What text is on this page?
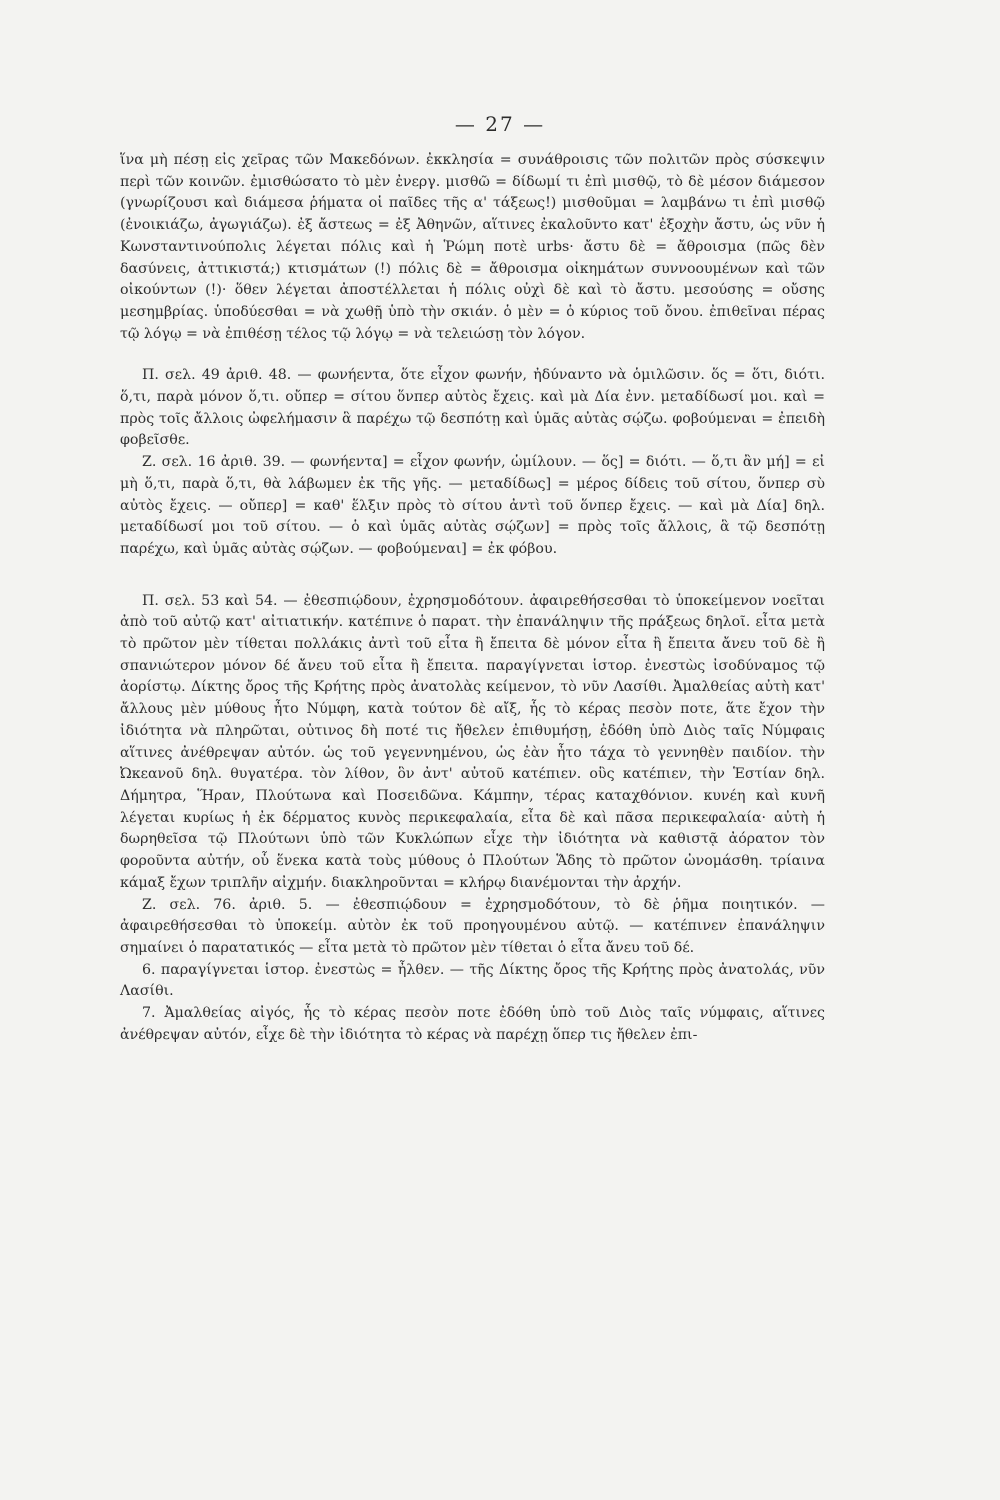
— 27 —

ἵνα μὴ πέσῃ εἰς χεῖρας τῶν Μακεδόνων. ἐκκλησία = συνάθροισις τῶν πολιτῶν πρὸς σύσκεψιν περὶ τῶν κοινῶν. ἐμισθώσατο τὸ μὲν ἐνεργ. μισθῶ = δίδωμί τι ἐπὶ μισθῷ, τὸ δὲ μέσον διάμεσον (γνωρίζουσι καὶ διάμεσα ῥήματα οἱ παῖδες τῆς α' τάξεως!) μισθοῦμαι = λαμβάνω τι ἐπὶ μισθῷ (ἐνοικιάζω, ἀγωγιάζω). ἐξ ἄστεως = ἐξ Ἀθηνῶν, αἵτινες ἐκαλοῦντο κατ' ἐξοχὴν ἄστυ, ὡς νῦν ἡ Κωνσταντινούπολις λέγεται πόλις καὶ ἡ Ῥώμη ποτὲ urbs· ἄστυ δὲ = ἄθροισμα (πῶς δὲν δασύνεις, ἀττικιστά;) κτισμάτων (!) πόλις δὲ = ἄθροισμα οἰκημάτων συννοουμένων καὶ τῶν οἰκούντων (!)· ὅθεν λέγεται ἀποστέλλεται ἡ πόλις οὐχὶ δὲ καὶ τὸ ἄστυ. μεσούσης = οὔσης μεσημβρίας. ὑποδύεσθαι = νὰ χωθῇ ὑπὸ τὴν σκιάν. ὁ μὲν = ὁ κύριος τοῦ ὄνου. ἐπιθεῖναι πέρας τῷ λόγῳ = νὰ ἐπιθέσῃ τέλος τῷ λόγῳ = νὰ τελειώσῃ τὸν λόγον.

Π. σελ. 49 ἀριθ. 48. — φωνήεντα, ὅτε εἶχον φωνήν, ἠδύναντο νὰ ὁμιλῶσιν. ὅς = ὅτι, διότι. ὅ,τι, παρὰ μόνον ὅ,τι. οὔπερ = σίτου ὅνπερ αὐτὸς ἔχεις. καὶ μὰ Δία ἐνν. μεταδίδωσί μοι. καὶ = πρὸς τοῖς ἄλλοις ὠφελήμασιν ἃ παρέχω τῷ δεσπότῃ καὶ ὑμᾶς αὐτὰς σῴζω. φοβούμεναι = ἐπειδὴ φοβεῖσθε.

Ζ. σελ. 16 ἀριθ. 39. — φωνήεντα] = εἶχον φωνήν, ὡμίλουν. — ὅς] = διότι. — ὅ,τι ἂν μή] = εἰ μὴ ὅ,τι, παρὰ ὅ,τι, θὰ λάβωμεν ἐκ τῆς γῆς. — μεταδίδως] = μέρος δίδεις τοῦ σίτου, ὅνπερ σὺ αὐτὸς ἔχεις. — οὔπερ] = καθ' ἕλξιν πρὸς τὸ σίτου ἀντὶ τοῦ ὅνπερ ἔχεις. — καὶ μὰ Δία] δηλ. μεταδίδωσί μοι τοῦ σίτου. — ὁ καὶ ὑμᾶς αὐτὰς σῴζων] = πρὸς τοῖς ἄλλοις, ἃ τῷ δεσπότῃ παρέχω, καὶ ὑμᾶς αὐτὰς σῴζων. — φοβούμεναι] = ἐκ φόβου.

Π. σελ. 53 καὶ 54. — ἐθεσπιῴδουν, ἐχρησμοδότουν. ἀφαιρεθήσεσθαι τὸ ὑποκείμενον νοεῖται ἀπὸ τοῦ αὐτῷ κατ' αἰτιατικήν. κατέπινε ὁ παρατ. τὴν ἐπανάληψιν τῆς πράξεως δηλοῖ. εἶτα μετὰ τὸ πρῶτον μὲν τίθεται πολλάκις ἀντὶ τοῦ εἶτα ἢ ἔπειτα δὲ μόνον εἶτα ἢ ἔπειτα ἄνευ τοῦ δὲ ἢ σπανιώτερον μόνον δέ ἄνευ τοῦ εἶτα ἢ ἔπειτα. παραγίγνεται ἱστορ. ἐνεστὼς ἰσοδύναμος τῷ ἀορίστῳ. Δίκτης ὄρος τῆς Κρήτης πρὸς ἀνατολὰς κείμενον, τὸ νῦν Λασίθι. Ἀμαλθείας αὐτὴ κατ' ἄλλους μὲν μύθους ἦτο Νύμφη, κατὰ τούτον δὲ αἴξ, ἧς τὸ κέρας πεσὸν ποτε, ἅτε ἔχον τὴν ἰδιότητα νὰ πληρῶται, οὐτινος δὴ ποτέ τις ἤθελεν ἐπιθυμήσῃ, ἐδόθη ὑπὸ Διὸς ταῖς Νύμφαις αἵτινες ἀνέθρεψαν αὐτόν. ὡς τοῦ γεγεννημένου, ὡς ἐὰν ἦτο τάχα τὸ γεννηθὲν παιδίον. τὴν Ὠκεανοῦ δηλ. θυγατέρα. τὸν λίθον, ὃν ἀντ' αὐτοῦ κατέπιεν. οὓς κατέπιεν, τὴν Ἑστίαν δηλ. Δήμητρα, Ἥραν, Πλούτωνα καὶ Ποσειδῶνα. Κάμπην, τέρας καταχθόνιον. κυνέη καὶ κυνῆ λέγεται κυρίως ἡ ἐκ δέρματος κυνὸς περικεφαλαία, εἶτα δὲ καὶ πᾶσα περικεφαλαία· αὐτὴ ἡ δωρηθεῖσα τῷ Πλούτωνι ὑπὸ τῶν Κυκλώπων εἶχε τὴν ἰδιότητα νὰ καθιστᾷ ἀόρατον τὸν φοροῦντα αὐτήν, οὗ ἕνεκα κατὰ τοὺς μύθους ὁ Πλούτων Ἅδης τὸ πρῶτον ὠνομάσθη. τρίαινα κάμαξ ἔχων τριπλῆν αἰχμήν. διακληροῦνται = κλήρῳ διανέμονται τὴν ἀρχήν.

Ζ. σελ. 76. ἀριθ. 5. — ἐθεσπιῴδουν = ἐχρησμοδότουν, τὸ δὲ ῥῆμα ποιητικόν. — ἀφαιρεθήσεσθαι τὸ ὑποκείμ. αὐτὸν ἐκ τοῦ προηγουμένου αὐτῷ. — κατέπινεν ἐπανάληψιν σημαίνει ὁ παρατατικός — εἶτα μετὰ τὸ πρῶτον μὲν τίθεται ὁ εἶτα ἄνευ τοῦ δέ.

6. παραγίγνεται ἱστορ. ἐνεστὼς = ἦλθεν. — τῆς Δίκτης ὄρος τῆς Κρήτης πρὸς ἀνατολάς, νῦν Λασίθι.

7. Ἀμαλθείας αἰγός, ἧς τὸ κέρας πεσὸν ποτε ἐδόθη ὑπὸ τοῦ Διὸς ταῖς νύμφαις, αἵτινες ἀνέθρεψαν αὐτόν, εἶχε δὲ τὴν ἰδιότητα τὸ κέρας νὰ παρέχῃ ὅπερ τις ἤθελεν ἐπι-
